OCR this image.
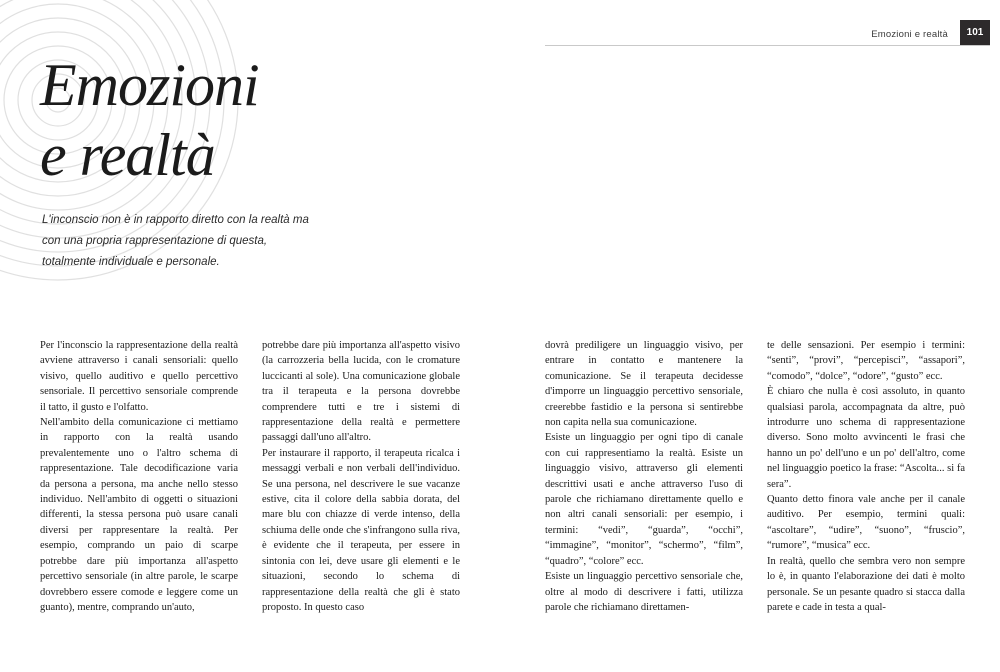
Emozioni e realtà	101
Emozioni
e realtà

L'inconscio non è in rapporto diretto con la realtà ma con una propria rappresentazione di questa, totalmente individuale e personale.

Per l'inconscio la rappresentazione della realtà avviene attraverso i canali sensoriali: quello visivo, quello auditivo e quello percettivo sensoriale. Il percettivo sensoriale comprende il tatto, il gusto e l'olfatto.

Nell'ambito della comunicazione ci mettiamo in rapporto con la realtà usando prevalentemente uno o l'altro schema di rappresentazione. Tale decodificazione varia da persona a persona, ma anche nello stesso individuo. Nell'ambito di oggetti o situazioni differenti, la stessa persona può usare canali diversi per rappresentare la realtà. Per esempio, comprando un paio di scarpe potrebbe dare più importanza all'aspetto percettivo sensoriale (in altre parole, le scarpe dovrebbero essere comode e leggere come un guanto), mentre, comprando un'auto,

potrebbe dare più importanza all'aspetto visivo (la carrozzeria bella lucida, con le cromature luccicanti al sole). Una comunicazione globale tra il terapeuta e la persona dovrebbe comprendere tutti e tre i sistemi di rappresentazione della realtà e permettere passaggi dall'uno all'altro.

Per instaurare il rapporto, il terapeuta ricalca i messaggi verbali e non verbali dell'individuo. Se una persona, nel descrivere le sue vacanze estive, cita il colore della sabbia dorata, del mare blu con chiazze di verde intenso, della schiuma delle onde che s'infrangono sulla riva, è evidente che il terapeuta, per essere in sintonia con lei, deve usare gli elementi e le situazioni, secondo lo schema di rappresentazione della realtà che gli è stato proposto. In questo caso

dovrà prediligere un linguaggio visivo, per entrare in contatto e mantenere la comunicazione. Se il terapeuta decidesse d'imporre un linguaggio percettivo sensoriale, creerebbe fastidio e la persona si sentirebbe non capita nella sua comunicazione.

Esiste un linguaggio per ogni tipo di canale con cui rappresentiamo la realtà. Esiste un linguaggio visivo, attraverso gli elementi descrittivi usati e anche attraverso l'uso di parole che richiamano direttamente quello e non altri canali sensoriali: per esempio, i termini: “vedi”, “guarda”, “occhi”, “immagine”, “monitor”, “schermo”, “film”, “quadro”, “colore” ecc.

Esiste un linguaggio percettivo sensoriale che, oltre al modo di descrivere i fatti, utilizza parole che richiamano direttamen-

te delle sensazioni. Per esempio i termini: “senti”, “provi”, “percepisci”, “assapori”, “comodo”, “dolce”, “odore”, “gusto” ecc.

È chiaro che nulla è così assoluto, in quanto qualsiasi parola, accompagnata da altre, può introdurre uno schema di rappresentazione diverso. Sono molto avvincenti le frasi che hanno un po' dell'uno e un po' dell'altro, come nel linguaggio poetico la frase: “Ascolta... si fa sera”.

Quanto detto finora vale anche per il canale auditivo. Per esempio, termini quali: “ascoltare”, “udire”, “suono”, “fruscio”, “rumore”, “musica” ecc.

In realtà, quello che sembra vero non sempre lo è, in quanto l'elaborazione dei dati è molto personale. Se un pesante quadro si stacca dalla parete e cade in testa a qual-
